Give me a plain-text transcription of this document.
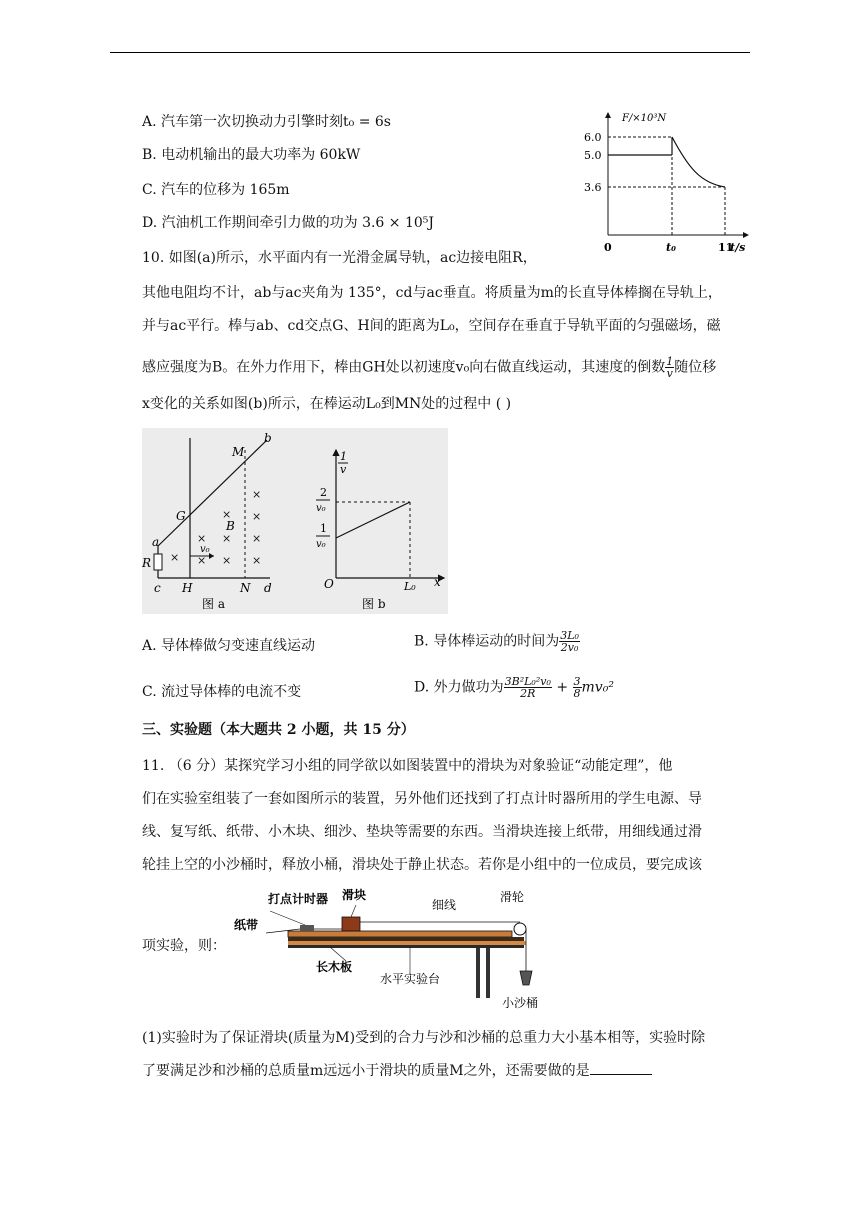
A. 汽车第一次切换动力引擎时刻t₀ = 6s
B. 电动机输出的最大功率为 60kW
C. 汽车的位移为 165m
D. 汽油机工作期间牵引力做的功为 3.6 × 10⁵J
F/×10³N
t/s
6.0
5.0
3.6
0	t₀	11
10. 如图(a)所示，水平面内有一光滑金属导轨，ac边接电阻R，
其他电阻均不计，ab与ac夹角为 135°，cd与ac垂直。将质量为m的长直导体棒搁在导轨上，
并与ac平行。棒与ab、cd交点G、H间的距离为L₀，空间存在垂直于导轨平面的匀强磁场，磁
感应强度为B。在外力作用下，棒由GH处以初速度v₀向右做直线运动，其速度的倒数 $\frac{1}{v}$ 随位移
x变化的关系如图(b)所示，在棒运动L₀到MN处的过程中 ( )
×
× ×
× ×
×
×
×
×
×
M
b
G
B
v₀
a
R
c H	N d
图 a
1
v
2
v₀
1
v₀
O	L₀ x
图 b
A. 导体棒做匀变速直线运动	B. 导体棒运动的时间为 $\frac{\text{3L₀}}{\text{2v₀}}$
C. 流过导体棒的电流不变	D. 外力做功为 $\frac{\text{3B²L₀²v₀}}{2R} + \frac{3}{8} mv_0^2$
三、实验题（本大题共 2 小题，共 15 分）
11. （6 分）某探究学习小组的同学欲以如图装置中的滑块为对象验证“动能定理”，他
们在实验室组装了一套如图所示的装置，另外他们还找到了打点计时器所用的学生电源、导
线、复写纸、纸带、小木块、细沙、垫块等需要的东西。当滑块连接上纸带，用细线通过滑
轮挂上空的小沙桶时，释放小桶，滑块处于静止状态。若你是小组中的一位成员，要完成该
项实验，则：
打点计时器 滑块
细线
滑轮
纸带
长木板
水平实验台
小沙桶
(1)实验时为了保证滑块(质量为M)受到的合力与沙和沙桶的总重力大小基本相等，实验时除
了要满足沙和沙桶的总质量m远远小于滑块的质量M之外，还需要做的是
